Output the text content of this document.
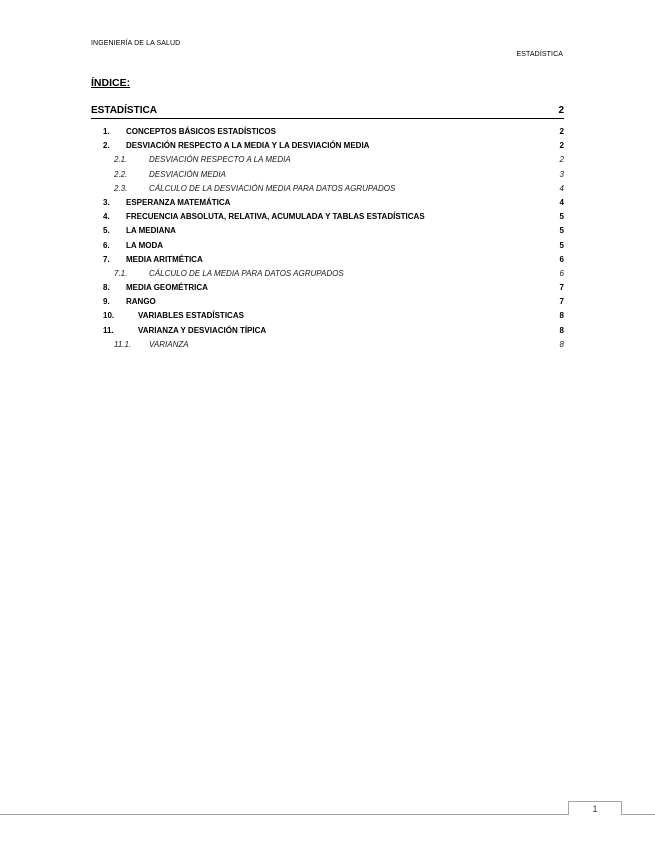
INGENIERÍA DE LA SALUD
ESTADÍSTICA
ÍNDICE:
ESTADÍSTICA	2
1. CONCEPTOS BÁSICOS ESTADÍSTICOS	2
2. DESVIACIÓN RESPECTO A LA MEDIA Y LA DESVIACIÓN MEDIA	2
2.1.	DESVIACIÓN RESPECTO A LA MEDIA	2
2.2.	DESVIACIÓN MEDIA	3
2.3.	CÁLCULO DE LA DESVIACIÓN MEDIA PARA DATOS AGRUPADOS	4
3. ESPERANZA MATEMÁTICA	4
4. FRECUENCIA ABSOLUTA, RELATIVA, ACUMULADA Y TABLAS ESTADÍSTICAS	5
5. LA MEDIANA	5
6. LA MODA	5
7. MEDIA ARITMÉTICA	6
7.1.	CÁLCULO DE LA MEDIA PARA DATOS AGRUPADOS	6
8. MEDIA GEOMÉTRICA	7
9. RANGO	7
10.	VARIABLES ESTADÍSTICAS	8
11.	VARIANZA Y DESVIACIÓN TÍPICA	8
11.1. VARIANZA	8
1
